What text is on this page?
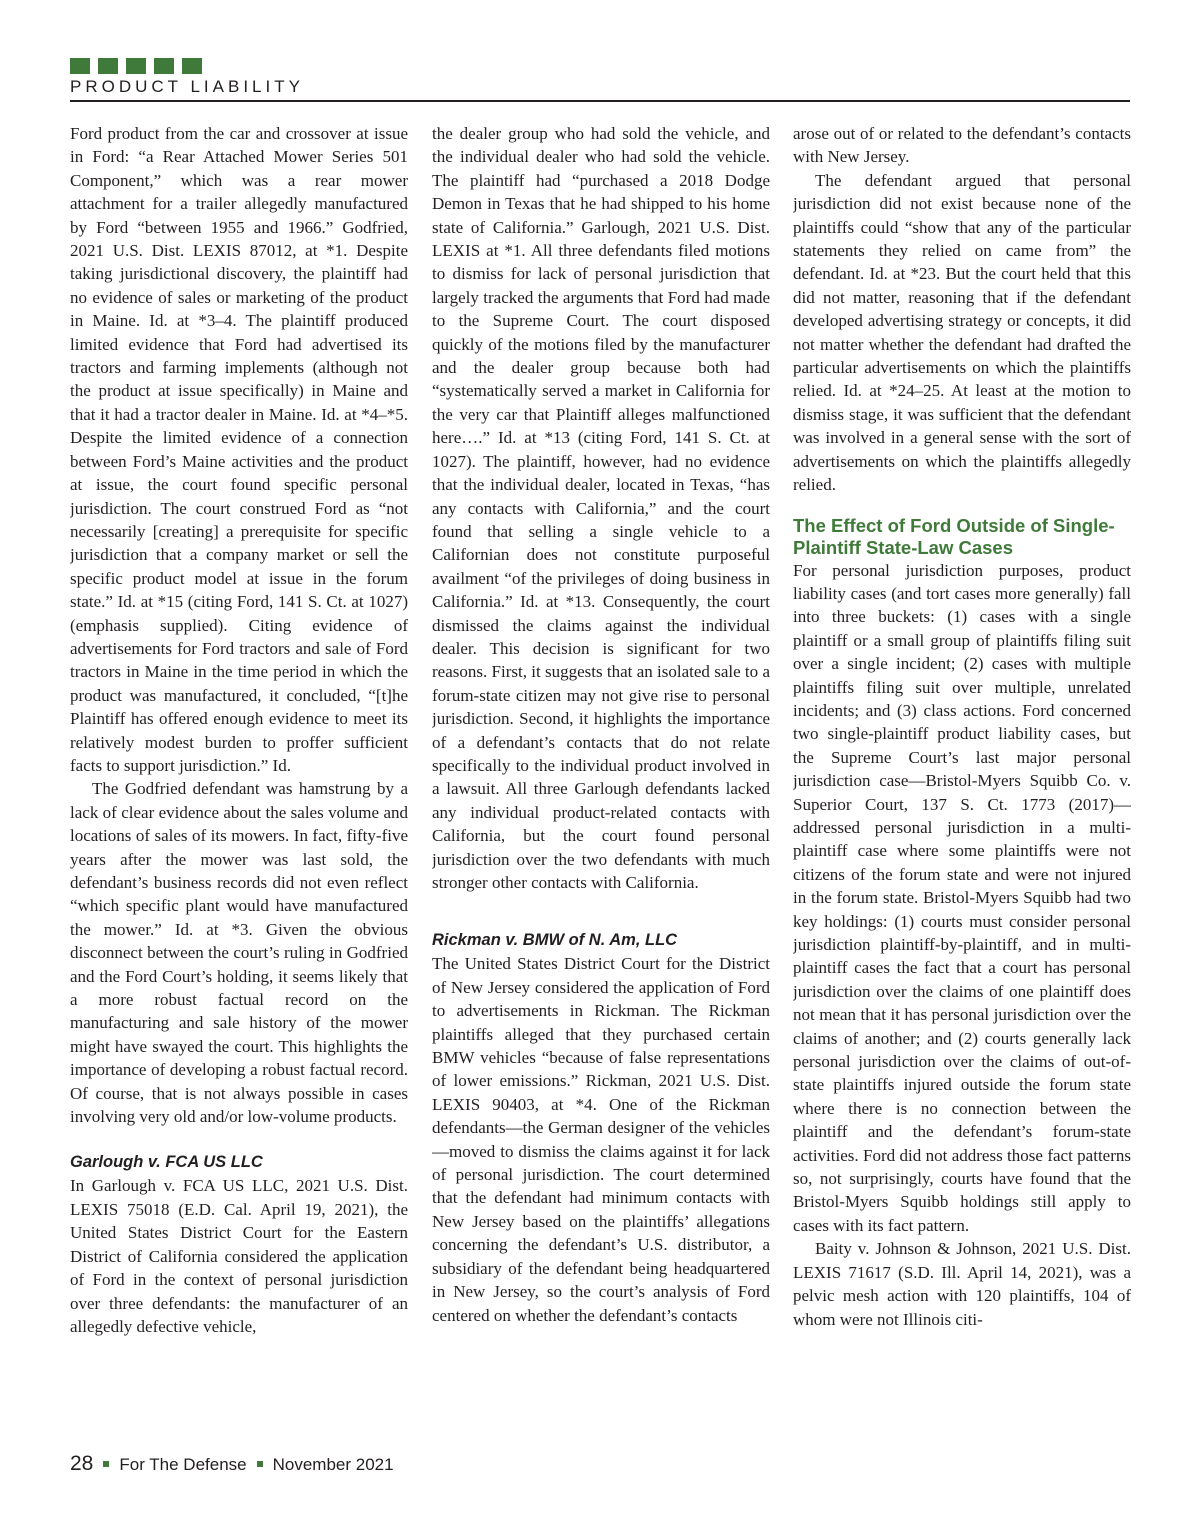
PRODUCT LIABILITY

Ford product from the car and crossover at issue in Ford: “a Rear Attached Mower Series 501 Component,” which was a rear mower attachment for a trailer allegedly manufactured by Ford “between 1955 and 1966.” Godfried, 2021 U.S. Dist. LEXIS 87012, at *1. Despite taking jurisdictional discovery, the plaintiff had no evidence of sales or marketing of the product in Maine. Id. at *3–4. The plaintiff produced limited evidence that Ford had advertised its tractors and farming implements (although not the product at issue specifically) in Maine and that it had a tractor dealer in Maine. Id. at *4–*5. Despite the limited evidence of a connection between Ford’s Maine activities and the product at issue, the court found specific personal jurisdiction. The court construed Ford as “not necessarily [creating] a prerequisite for specific jurisdiction that a company market or sell the specific product model at issue in the forum state.” Id. at *15 (citing Ford, 141 S. Ct. at 1027) (emphasis supplied). Citing evidence of advertisements for Ford tractors and sale of Ford tractors in Maine in the time period in which the product was manufactured, it concluded, “[t]he Plaintiff has offered enough evidence to meet its relatively modest burden to proffer sufficient facts to support jurisdiction.” Id.

The Godfried defendant was hamstrung by a lack of clear evidence about the sales volume and locations of sales of its mowers. In fact, fifty-five years after the mower was last sold, the defendant’s business records did not even reflect “which specific plant would have manufactured the mower.” Id. at *3. Given the obvious disconnect between the court’s ruling in Godfried and the Ford Court’s holding, it seems likely that a more robust factual record on the manufacturing and sale history of the mower might have swayed the court. This highlights the importance of developing a robust factual record. Of course, that is not always possible in cases involving very old and/or low-volume products.

Garlough v. FCA US LLC

In Garlough v. FCA US LLC, 2021 U.S. Dist. LEXIS 75018 (E.D. Cal. April 19, 2021), the United States District Court for the Eastern District of California considered the application of Ford in the context of personal jurisdiction over three defendants: the manufacturer of an allegedly defective vehicle,

the dealer group who had sold the vehicle, and the individual dealer who had sold the vehicle. The plaintiff had “purchased a 2018 Dodge Demon in Texas that he had shipped to his home state of California.” Garlough, 2021 U.S. Dist. LEXIS at *1. All three defendants filed motions to dismiss for lack of personal jurisdiction that largely tracked the arguments that Ford had made to the Supreme Court. The court disposed quickly of the motions filed by the manufacturer and the dealer group because both had “systematically served a market in California for the very car that Plaintiff alleges malfunctioned here….” Id. at *13 (citing Ford, 141 S. Ct. at 1027). The plaintiff, however, had no evidence that the individual dealer, located in Texas, “has any contacts with California,” and the court found that selling a single vehicle to a Californian does not constitute purposeful availment “of the privileges of doing business in California.” Id. at *13. Consequently, the court dismissed the claims against the individual dealer. This decision is significant for two reasons. First, it suggests that an isolated sale to a forum-state citizen may not give rise to personal jurisdiction. Second, it highlights the importance of a defendant’s contacts that do not relate specifically to the individual product involved in a lawsuit. All three Garlough defendants lacked any individual product-related contacts with California, but the court found personal jurisdiction over the two defendants with much stronger other contacts with California.

Rickman v. BMW of N. Am, LLC

The United States District Court for the District of New Jersey considered the application of Ford to advertisements in Rickman. The Rickman plaintiffs alleged that they purchased certain BMW vehicles “because of false representations of lower emissions.” Rickman, 2021 U.S. Dist. LEXIS 90403, at *4. One of the Rickman defendants—the German designer of the vehicles—moved to dismiss the claims against it for lack of personal jurisdiction. The court determined that the defendant had minimum contacts with New Jersey based on the plaintiffs’ allegations concerning the defendant’s U.S. distributor, a subsidiary of the defendant being headquartered in New Jersey, so the court’s analysis of Ford centered on whether the defendant’s contacts

arose out of or related to the defendant’s contacts with New Jersey.

The defendant argued that personal jurisdiction did not exist because none of the plaintiffs could “show that any of the particular statements they relied on came from” the defendant. Id. at *23. But the court held that this did not matter, reasoning that if the defendant developed advertising strategy or concepts, it did not matter whether the defendant had drafted the particular advertisements on which the plaintiffs relied. Id. at *24–25. At least at the motion to dismiss stage, it was sufficient that the defendant was involved in a general sense with the sort of advertisements on which the plaintiffs allegedly relied.

The Effect of Ford Outside of Single-Plaintiff State-Law Cases

For personal jurisdiction purposes, product liability cases (and tort cases more generally) fall into three buckets: (1) cases with a single plaintiff or a small group of plaintiffs filing suit over a single incident; (2) cases with multiple plaintiffs filing suit over multiple, unrelated incidents; and (3) class actions. Ford concerned two single-plaintiff product liability cases, but the Supreme Court’s last major personal jurisdiction case—Bristol-Myers Squibb Co. v. Superior Court, 137 S. Ct. 1773 (2017)—addressed personal jurisdiction in a multi-plaintiff case where some plaintiffs were not citizens of the forum state and were not injured in the forum state. Bristol-Myers Squibb had two key holdings: (1) courts must consider personal jurisdiction plaintiff-by-plaintiff, and in multi-plaintiff cases the fact that a court has personal jurisdiction over the claims of one plaintiff does not mean that it has personal jurisdiction over the claims of another; and (2) courts generally lack personal jurisdiction over the claims of out-of-state plaintiffs injured outside the forum state where there is no connection between the plaintiff and the defendant’s forum-state activities. Ford did not address those fact patterns so, not surprisingly, courts have found that the Bristol-Myers Squibb holdings still apply to cases with its fact pattern.

Baity v. Johnson & Johnson, 2021 U.S. Dist. LEXIS 71617 (S.D. Ill. April 14, 2021), was a pelvic mesh action with 120 plaintiffs, 104 of whom were not Illinois citi-

28 For The Defense November 2021
